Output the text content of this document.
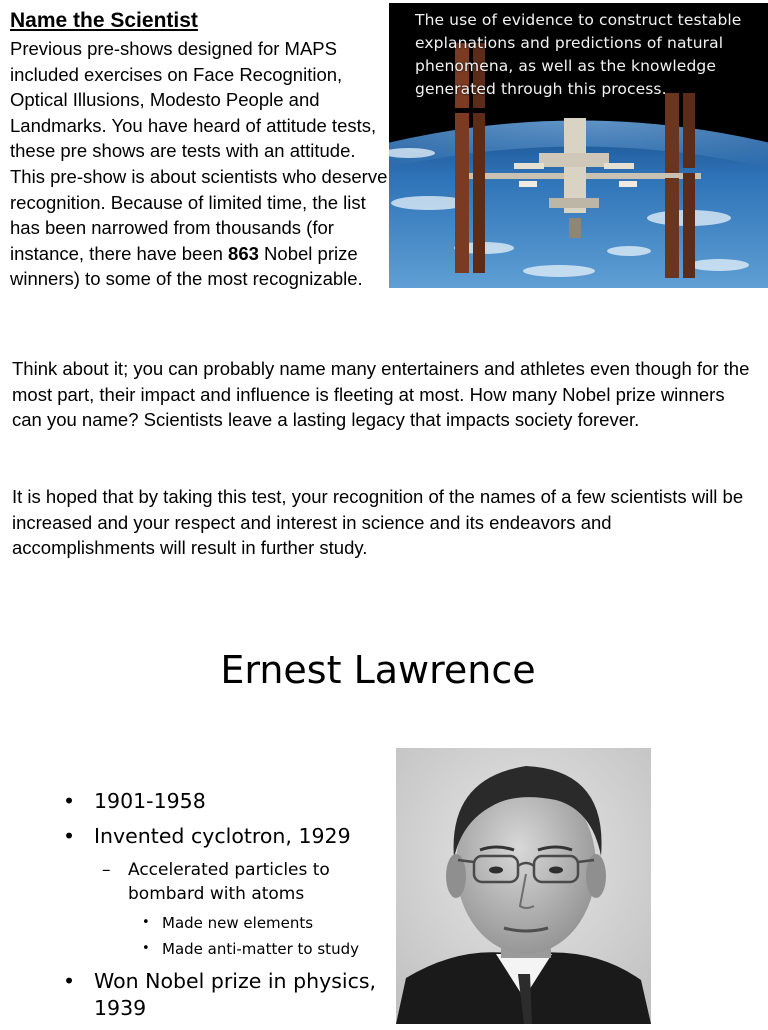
Name the Scientist

Previous pre-shows designed for MAPS included exercises on Face Recognition, Optical Illusions, Modesto People and Landmarks. You have heard of attitude tests, these pre shows are tests with an attitude. This pre-show is about scientists who deserve recognition. Because of limited time, the list has been narrowed from thousands (for instance, there have been 863 Nobel prize winners) to some of the most recognizable.

The use of evidence to construct testable explanations and predictions of natural phenomena, as well as the knowledge generated through this process.

Think about it; you can probably name many entertainers and athletes even though for the most part, their impact and influence is fleeting at most. How many Nobel prize winners can you name? Scientists leave a lasting legacy that impacts society forever.

It is hoped that by taking this test, your recognition of the names of a few scientists will be increased and your respect and interest in science and its endeavors and accomplishments will result in further study.

Ernest Lawrence
• 1901-1958
• Invented cyclotron, 1929
– Accelerated particles to bombard with atoms
• Made new elements
• Made anti-matter to study
• Won Nobel prize in physics, 1939
